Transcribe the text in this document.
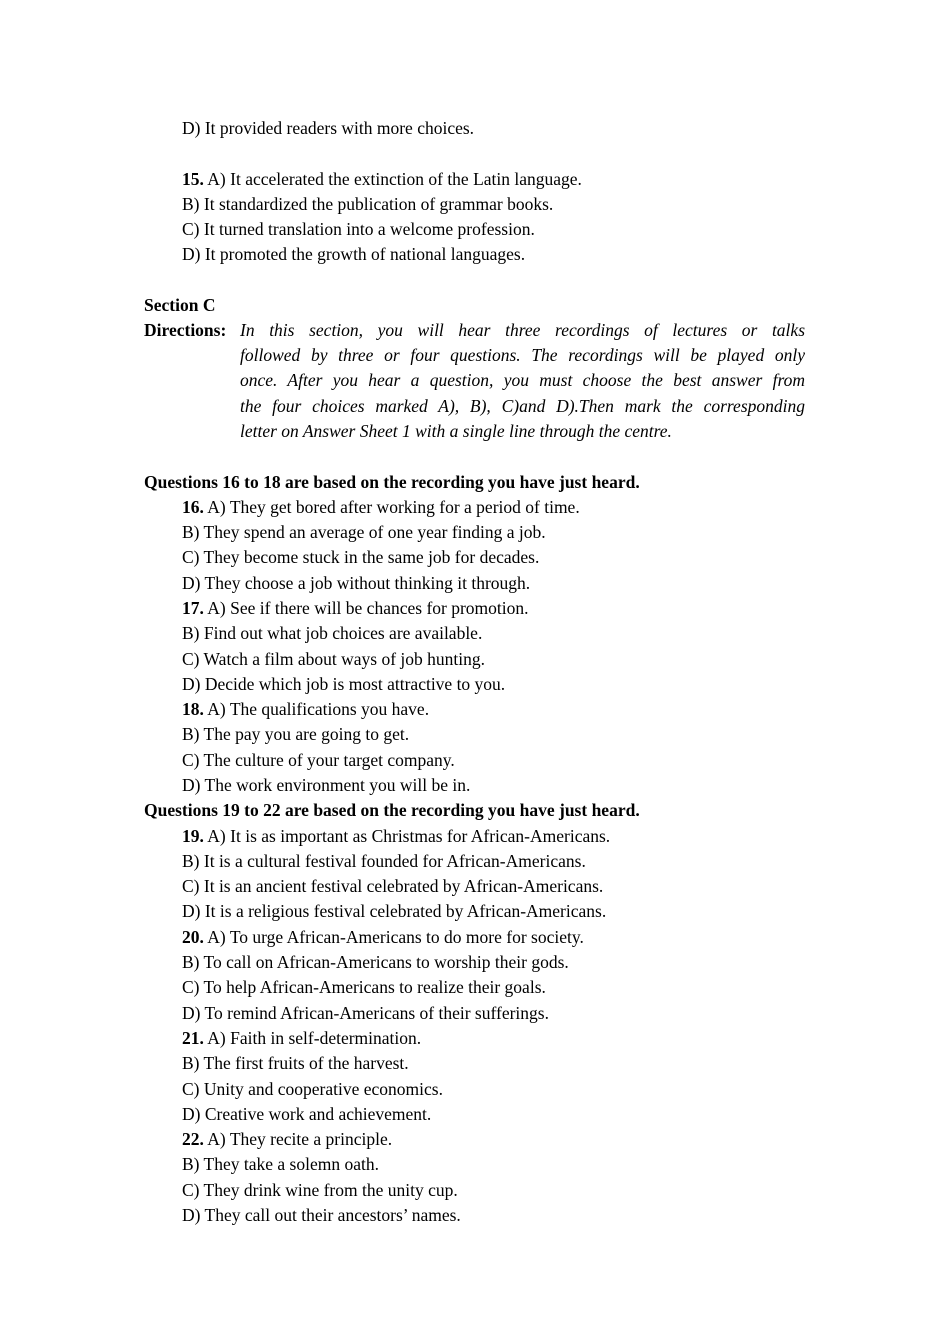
D) It provided readers with more choices.
15. A) It accelerated the extinction of the Latin language.
B) It standardized the publication of grammar books.
C) It turned translation into a welcome profession.
D) It promoted the growth of national languages.
Section C
Directions: In this section, you will hear three recordings of lectures or talks
followed by three or four questions. The recordings will be played only
once. After you hear a question, you must choose the best answer from
the four choices marked A), B), C)and D).Then mark the corresponding
letter on Answer Sheet 1 with a single line through the centre.
Questions 16 to 18 are based on the recording you have just heard.
16. A) They get bored after working for a period of time.
B) They spend an average of one year finding a job.
C) They become stuck in the same job for decades.
D) They choose a job without thinking it through.
17. A) See if there will be chances for promotion.
B) Find out what job choices are available.
C) Watch a film about ways of job hunting.
D) Decide which job is most attractive to you.
18. A) The qualifications you have.
B) The pay you are going to get.
C) The culture of your target company.
D) The work environment you will be in.
Questions 19 to 22 are based on the recording you have just heard.
19. A) It is as important as Christmas for African-Americans.
B) It is a cultural festival founded for African-Americans.
C) It is an ancient festival celebrated by African-Americans.
D) It is a religious festival celebrated by African-Americans.
20. A) To urge African-Americans to do more for society.
B) To call on African-Americans to worship their gods.
C) To help African-Americans to realize their goals.
D) To remind African-Americans of their sufferings.
21. A) Faith in self-determination.
B) The first fruits of the harvest.
C) Unity and cooperative economics.
D) Creative work and achievement.
22. A) They recite a principle.
B) They take a solemn oath.
C) They drink wine from the unity cup.
D) They call out their ancestors’ names.
